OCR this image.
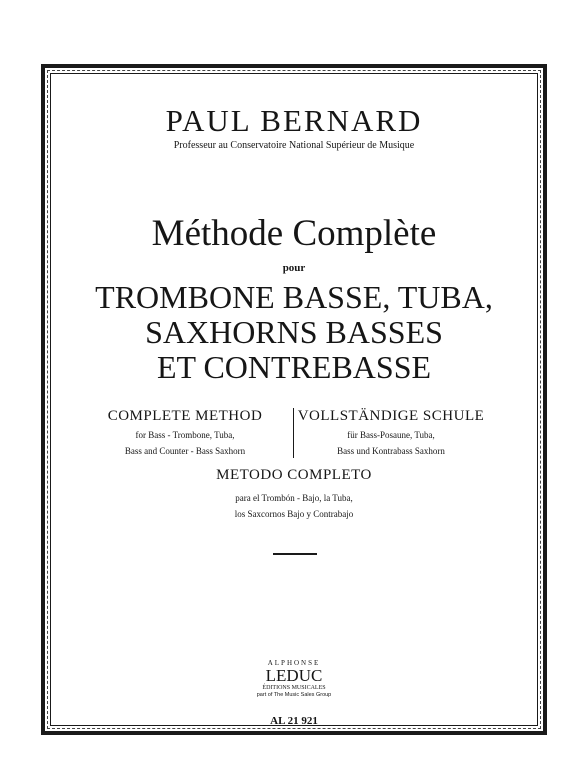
PAUL BERNARD
Professeur au Conservatoire National Supérieur de Musique
Méthode Complète
pour
TROMBONE BASSE, TUBA,
SAXHORNS BASSES
ET CONTREBASSE
COMPLETE METHOD
for Bass - Trombone, Tuba,
Bass and Counter - Bass Saxhorn
VOLLSTÄNDIGE SCHULE
für Bass-Posaune, Tuba,
Bass und Kontrabass Saxhorn
METODO COMPLETO
para el Trombón - Bajo, la Tuba,
los Saxcornos Bajo y Contrabajo
ALPHONSE
LEDUC
ÉDITIONS MUSICALES
part of The Music Sales Group
AL 21 921
